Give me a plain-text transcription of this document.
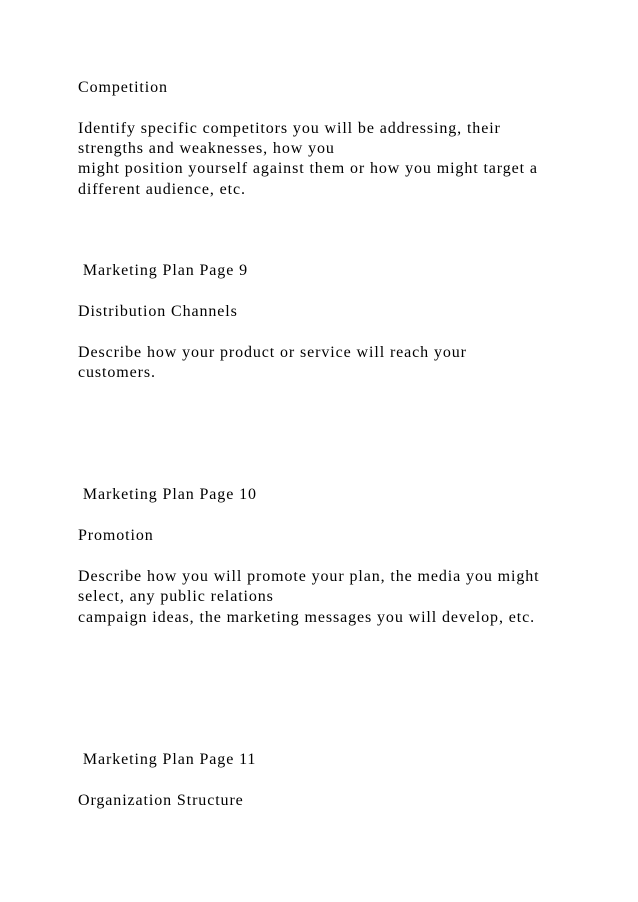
Competition
Identify specific competitors you will be addressing, their
strengths and weaknesses, how you
might position yourself against them or how you might target a
different audience, etc.
Marketing Plan Page 9
Distribution Channels
Describe how your product or service will reach your
customers.
Marketing Plan Page 10
Promotion
Describe how you will promote your plan, the media you might
select, any public relations
campaign ideas, the marketing messages you will develop, etc.
Marketing Plan Page 11
Organization Structure
